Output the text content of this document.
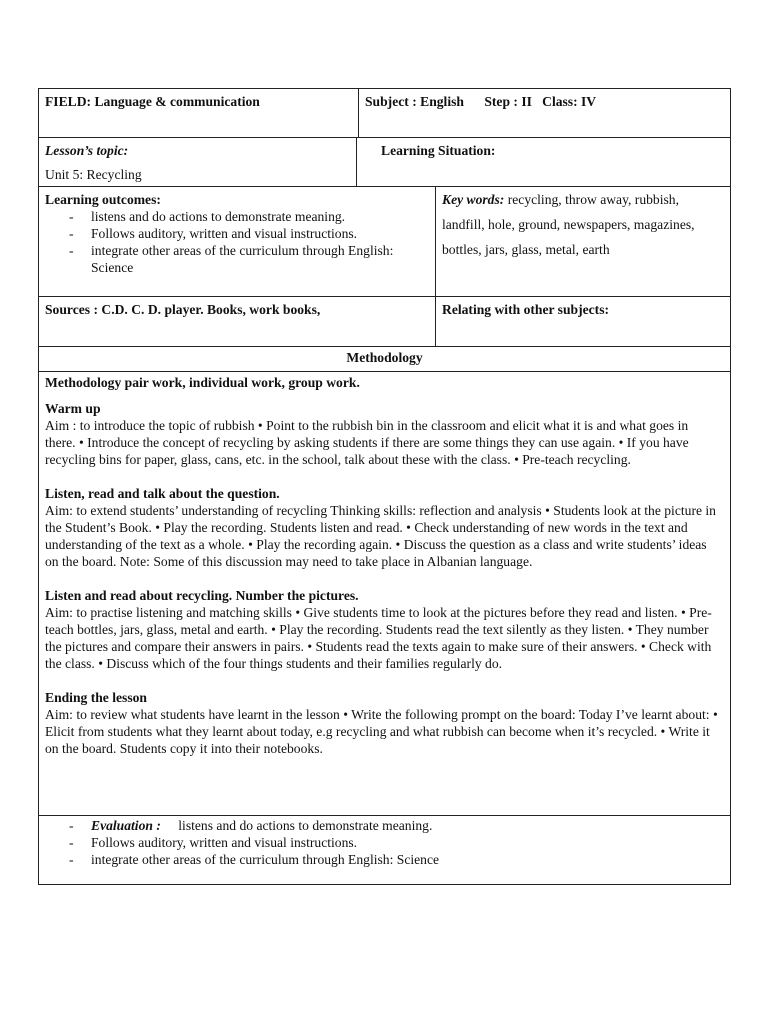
FIELD: Language & communication	Subject : English      Step : II   Class: IV

Lesson’s topic:

Unit 5: Recycling

Learning Situation:

Learning outcomes:

- listens and do actions to demonstrate meaning.
- Follows auditory, written and visual instructions.
- integrate other areas of the curriculum through English: Science
Key words: recycling, throw away, rubbish, landfill, hole, ground, newspapers, magazines, bottles, jars, glass, metal, earth
Sources : C.D. C. D. player. Books, work books,	Relating with other subjects:
Methodology

Methodology pair work, individual work, group work.

Warm up

Aim : to introduce the topic of rubbish • Point to the rubbish bin in the classroom and elicit what it is and what goes in there. • Introduce the concept of recycling by asking students if there are some things they can use again. • If you have recycling bins for paper, glass, cans, etc. in the school, talk about these with the class. • Pre-teach recycling.

Listen, read and talk about the question.

Aim: to extend students’ understanding of recycling Thinking skills: reflection and analysis • Students look at the picture in the Student’s Book. • Play the recording. Students listen and read. • Check understanding of new words in the text and understanding of the text as a whole. • Play the recording again. • Discuss the question as a class and write students’ ideas on the board. Note: Some of this discussion may need to take place in Albanian language.

Listen and read about recycling. Number the pictures.

Aim: to practise listening and matching skills • Give students time to look at the pictures before they read and listen. • Pre-teach bottles, jars, glass, metal and earth. • Play the recording. Students read the text silently as they listen. • They number the pictures and compare their answers in pairs. • Students read the texts again to make sure of their answers. • Check with the class. • Discuss which of the four things students and their families regularly do.

Ending the lesson

Aim: to review what students have learnt in the lesson • Write the following prompt on the board: Today I’ve learnt about: • Elicit from students what they learnt about today, e.g recycling and what rubbish can become when it’s recycled. • Write it on the board. Students copy it into their notebooks.

- Evaluation : listens and do actions to demonstrate meaning.
- Follows auditory, written and visual instructions.
- integrate other areas of the curriculum through English: Science
